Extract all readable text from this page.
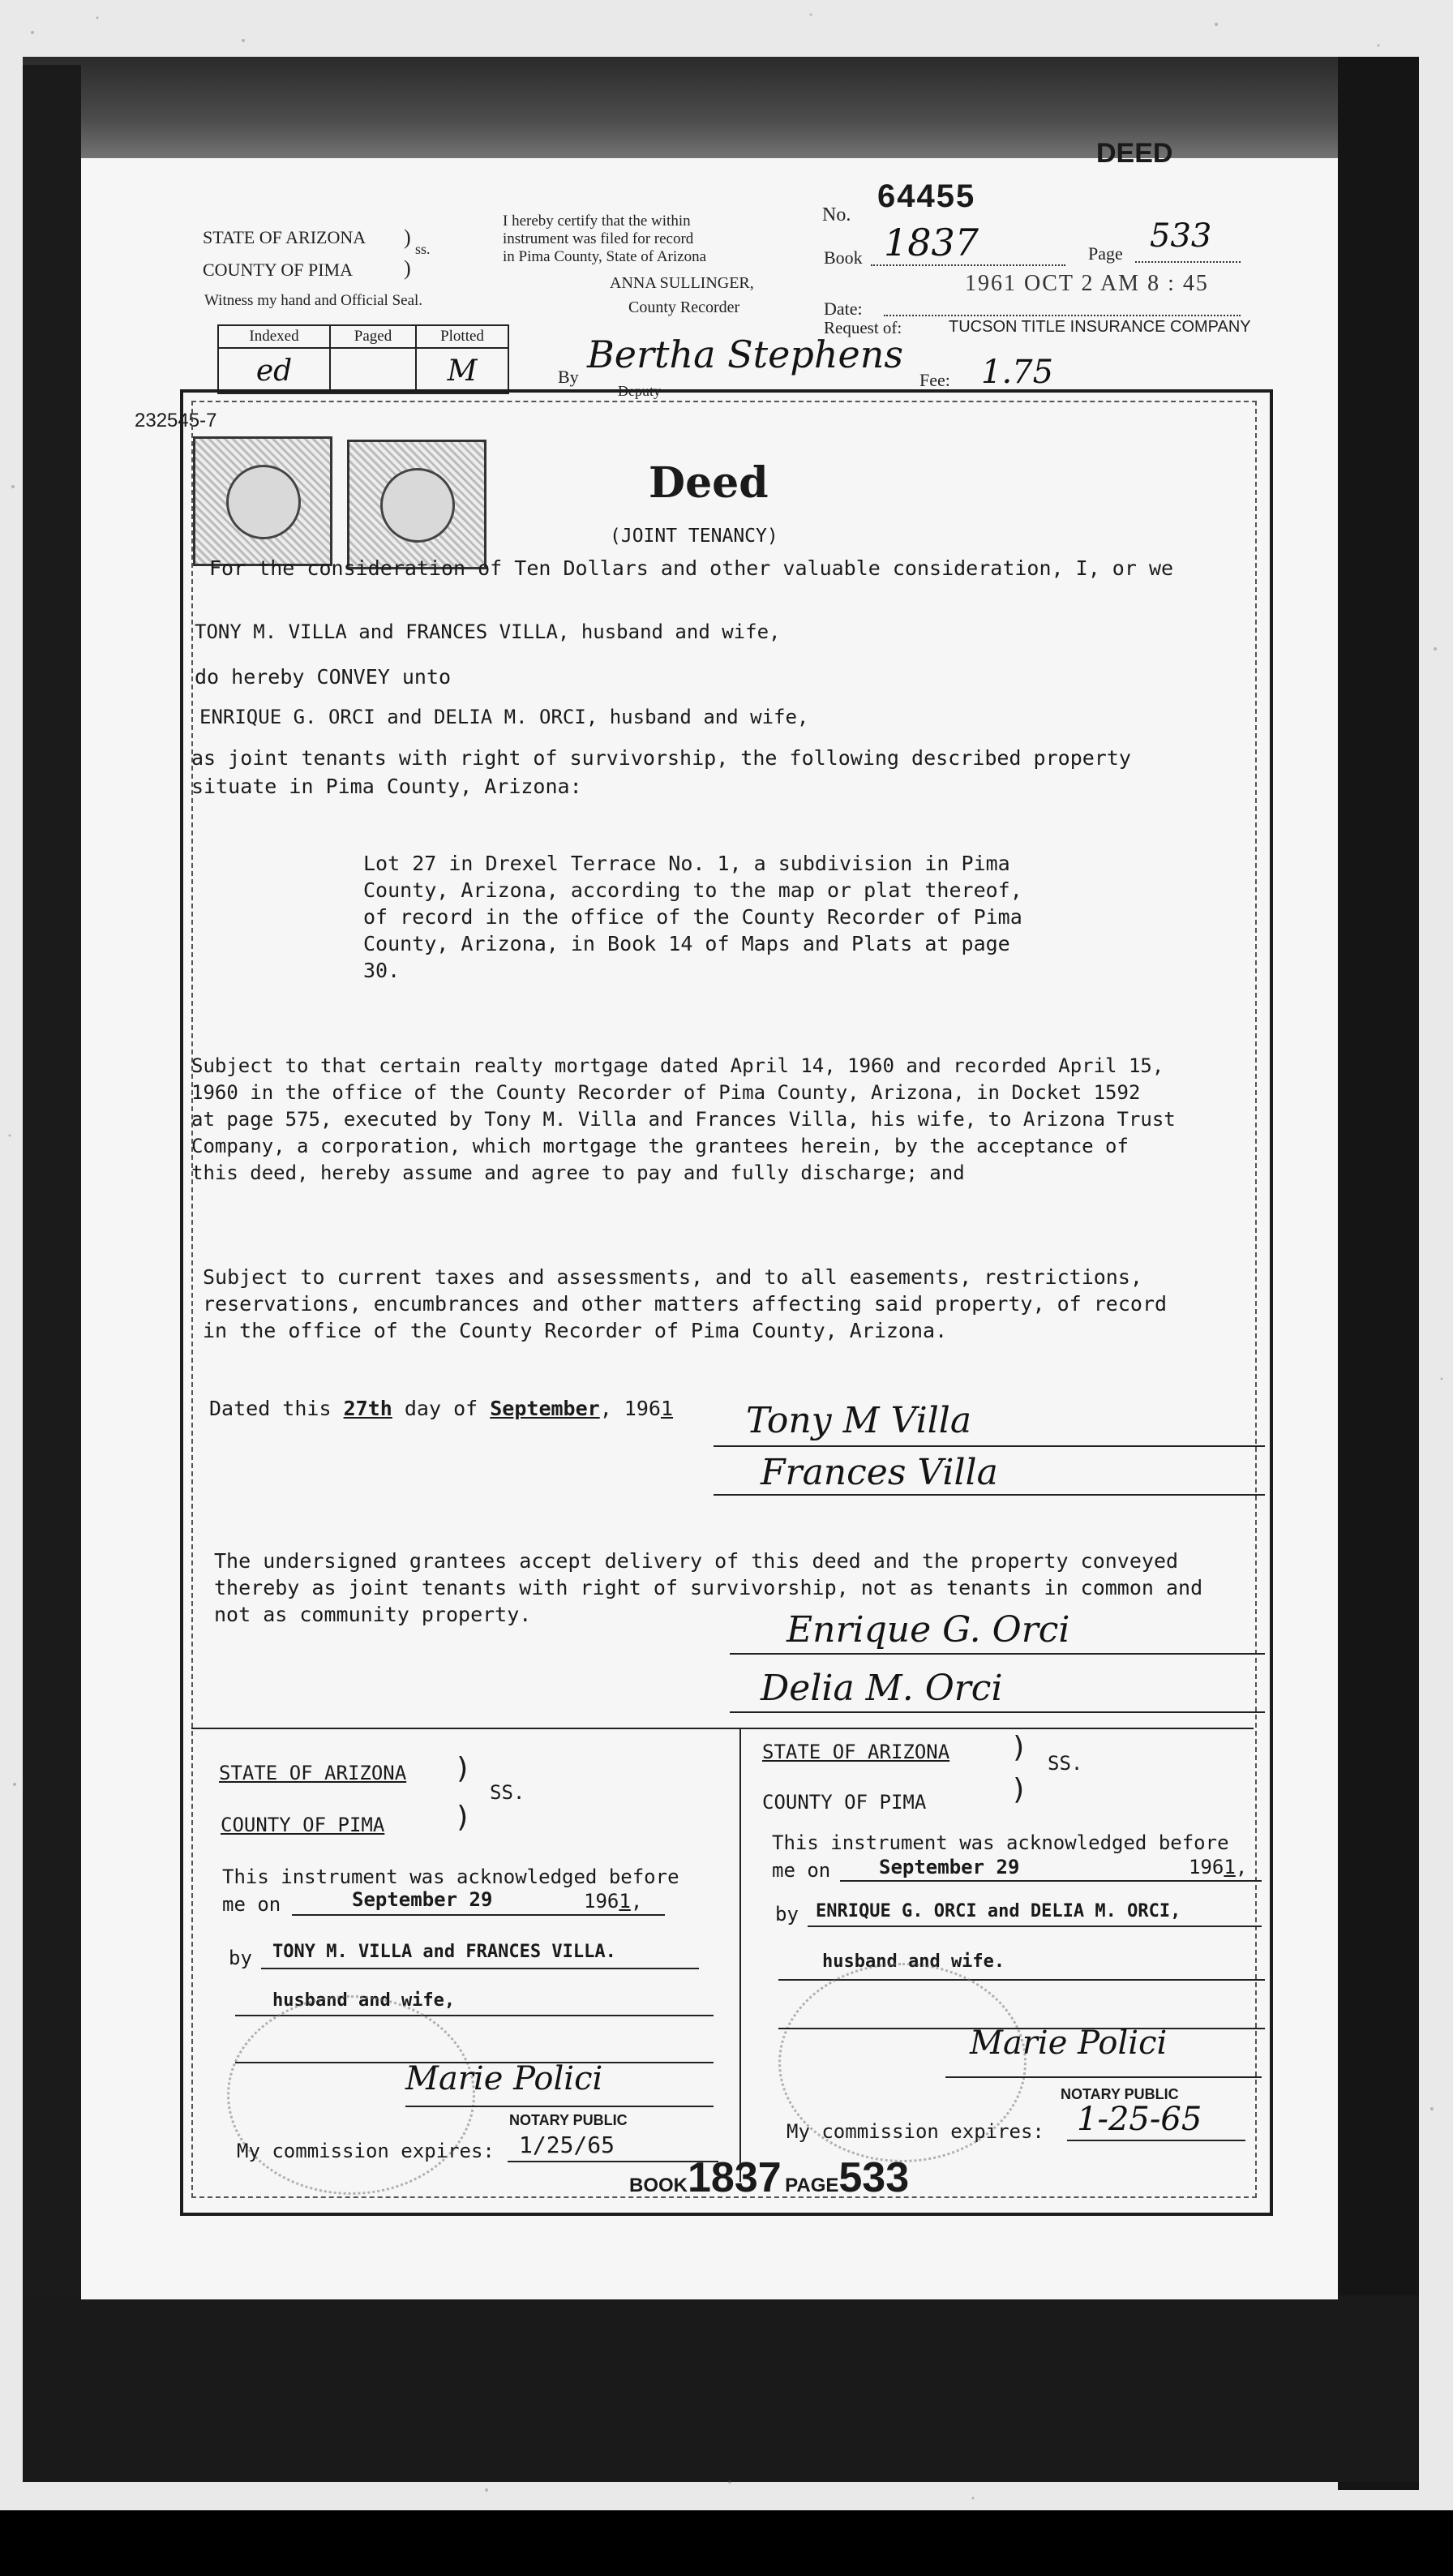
DEED
STATE OF ARIZONA ) ss.
COUNTY OF PIMA )
Witness my hand and Official Seal.
I hereby certify that the within
instrument was filed for record
in Pima County, State of Arizona
ANNA SULLINGER,
County Recorder
Indexed	Paged	Plotted
ed		M	By
Bertha Stephens
Deputy
No.
64455
Book 1837	Page 533
Date:
1961 OCT 2 AM 8 : 45
Request of:	TUCSON TITLE INSURANCE COMPANY
Fee: 1.75
232545-7
Deed
(JOINT TENANCY)
For the consideration of Ten Dollars and other valuable consideration, I, or we
TONY M. VILLA and FRANCES VILLA, husband and wife,
do hereby CONVEY unto
ENRIQUE G. ORCI and DELIA M. ORCI, husband and wife,
as joint tenants with right of survivorship, the following described property
situate in Pima County, Arizona:
Lot 27 in Drexel Terrace No. 1, a subdivision in Pima
County, Arizona, according to the map or plat thereof,
of record in the office of the County Recorder of Pima
County, Arizona, in Book 14 of Maps and Plats at page
30.
Subject to that certain realty mortgage dated April 14, 1960 and recorded April 15,
1960 in the office of the County Recorder of Pima County, Arizona, in Docket 1592
at page 575, executed by Tony M. Villa and Frances Villa, his wife, to Arizona Trust
Company, a corporation, which mortgage the grantees herein, by the acceptance of
this deed, hereby assume and agree to pay and fully discharge; and
Subject to current taxes and assessments, and to all easements, restrictions,
reservations, encumbrances and other matters affecting said property, of record
in the office of the County Recorder of Pima County, Arizona.
Dated this 27th day of September, 1961 Tony M Villa
Frances Villa
The undersigned grantees accept delivery of this deed and the property conveyed
thereby as joint tenants with right of survivorship, not as tenants in common and
not as community property.	Enrique G. Orci
Delia M. Orci
STATE OF ARIZONA )
SS.
)
COUNTY OF PIMA
This instrument was acknowledged before
me on	September 29	1961,
by TONY M. VILLA and FRANCES VILLA.
husband and wife,
Marie Polici
NOTARY PUBLIC
My commission expires: 1/25/65
STATE OF ARIZONA ) SS.
)
COUNTY OF PIMA
This instrument was acknowledged before
me on September 29	1961,
by ENRIQUE G. ORCI and DELIA M. ORCI,
husband and wife.
Marie Polici
NOTARY PUBLIC
My commission expires: 1-25-65
BOOK1837 PAGE533
